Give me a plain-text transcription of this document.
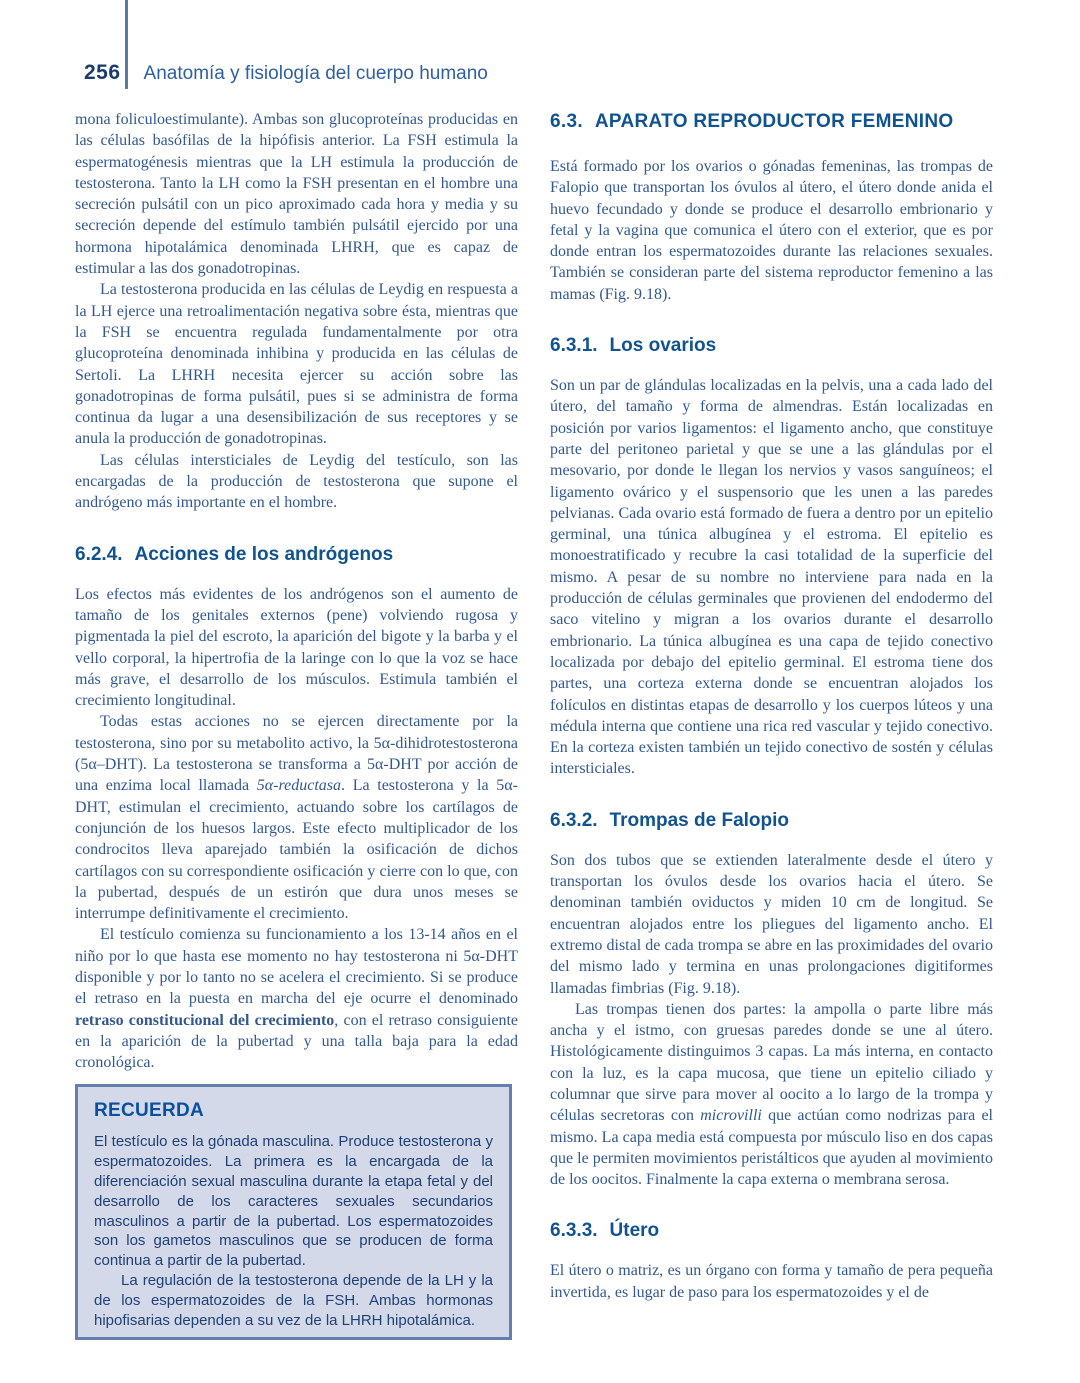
256 Anatomía y fisiología del cuerpo humano

mona foliculoestimulante). Ambas son glucoproteínas producidas en las células basófilas de la hipófisis anterior. La FSH estimula la espermatogénesis mientras que la LH estimula la producción de testosterona. Tanto la LH como la FSH presentan en el hombre una secreción pulsátil con un pico aproximado cada hora y media y su secreción depende del estímulo también pulsátil ejercido por una hormona hipotalámica denominada LHRH, que es capaz de estimular a las dos gonadotropinas.

La testosterona producida en las células de Leydig en respuesta a la LH ejerce una retroalimentación negativa sobre ésta, mientras que la FSH se encuentra regulada fundamentalmente por otra glucoproteína denominada inhibina y producida en las células de Sertoli. La LHRH necesita ejercer su acción sobre las gonadotropinas de forma pulsátil, pues si se administra de forma continua da lugar a una desensibilización de sus receptores y se anula la producción de gonadotropinas.

Las células intersticiales de Leydig del testículo, son las encargadas de la producción de testosterona que supone el andrógeno más importante en el hombre.

6.2.4. Acciones de los andrógenos

Los efectos más evidentes de los andrógenos son el aumento de tamaño de los genitales externos (pene) volviendo rugosa y pigmentada la piel del escroto, la aparición del bigote y la barba y el vello corporal, la hipertrofia de la laringe con lo que la voz se hace más grave, el desarrollo de los músculos. Estimula también el crecimiento longitudinal.

Todas estas acciones no se ejercen directamente por la testosterona, sino por su metabolito activo, la 5α-dihidrotestosterona (5α–DHT). La testosterona se transforma a 5α-DHT por acción de una enzima local llamada 5α-reductasa. La testosterona y la 5α-DHT, estimulan el crecimiento, actuando sobre los cartílagos de conjunción de los huesos largos. Este efecto multiplicador de los condrocitos lleva aparejado también la osificación de dichos cartílagos con su correspondiente osificación y cierre con lo que, con la pubertad, después de un estirón que dura unos meses se interrumpe definitivamente el crecimiento.

El testículo comienza su funcionamiento a los 13-14 años en el niño por lo que hasta ese momento no hay testosterona ni 5α-DHT disponible y por lo tanto no se acelera el crecimiento. Si se produce el retraso en la puesta en marcha del eje ocurre el denominado retraso constitucional del crecimiento, con el retraso consiguiente en la aparición de la pubertad y una talla baja para la edad cronológica.

RECUERDA

El testículo es la gónada masculina. Produce testosterona y espermatozoides. La primera es la encargada de la diferenciación sexual masculina durante la etapa fetal y del desarrollo de los caracteres sexuales secundarios masculinos a partir de la pubertad. Los espermatozoides son los gametos masculinos que se producen de forma continua a partir de la pubertad.

La regulación de la testosterona depende de la LH y la de los espermatozoides de la FSH. Ambas hormonas hipofisarias dependen a su vez de la LHRH hipotalámica.

6.3. APARATO REPRODUCTOR FEMENINO

Está formado por los ovarios o gónadas femeninas, las trompas de Falopio que transportan los óvulos al útero, el útero donde anida el huevo fecundado y donde se produce el desarrollo embrionario y fetal y la vagina que comunica el útero con el exterior, que es por donde entran los espermatozoides durante las relaciones sexuales. También se consideran parte del sistema reproductor femenino a las mamas (Fig. 9.18).

6.3.1. Los ovarios

Son un par de glándulas localizadas en la pelvis, una a cada lado del útero, del tamaño y forma de almendras. Están localizadas en posición por varios ligamentos: el ligamento ancho, que constituye parte del peritoneo parietal y que se une a las glándulas por el mesovario, por donde le llegan los nervios y vasos sanguíneos; el ligamento ovárico y el suspensorio que les unen a las paredes pelvianas. Cada ovario está formado de fuera a dentro por un epitelio germinal, una túnica albugínea y el estroma. El epitelio es monoestratificado y recubre la casi totalidad de la superficie del mismo. A pesar de su nombre no interviene para nada en la producción de células germinales que provienen del endodermo del saco vitelino y migran a los ovarios durante el desarrollo embrionario. La túnica albugínea es una capa de tejido conectivo localizada por debajo del epitelio germinal. El estroma tiene dos partes, una corteza externa donde se encuentran alojados los folículos en distintas etapas de desarrollo y los cuerpos lúteos y una médula interna que contiene una rica red vascular y tejido conectivo. En la corteza existen también un tejido conectivo de sostén y células intersticiales.

6.3.2. Trompas de Falopio

Son dos tubos que se extienden lateralmente desde el útero y transportan los óvulos desde los ovarios hacia el útero. Se denominan también oviductos y miden 10 cm de longitud. Se encuentran alojados entre los pliegues del ligamento ancho. El extremo distal de cada trompa se abre en las proximidades del ovario del mismo lado y termina en unas prolongaciones digitiformes llamadas fimbrias (Fig. 9.18).

Las trompas tienen dos partes: la ampolla o parte libre más ancha y el istmo, con gruesas paredes donde se une al útero. Histológicamente distinguimos 3 capas. La más interna, en contacto con la luz, es la capa mucosa, que tiene un epitelio ciliado y columnar que sirve para mover al oocito a lo largo de la trompa y células secretoras con microvilli que actúan como nodrizas para el mismo. La capa media está compuesta por músculo liso en dos capas que le permiten movimientos peristálticos que ayuden al movimiento de los oocitos. Finalmente la capa externa o membrana serosa.

6.3.3. Útero

El útero o matriz, es un órgano con forma y tamaño de pera pequeña invertida, es lugar de paso para los espermatozoides y el de
